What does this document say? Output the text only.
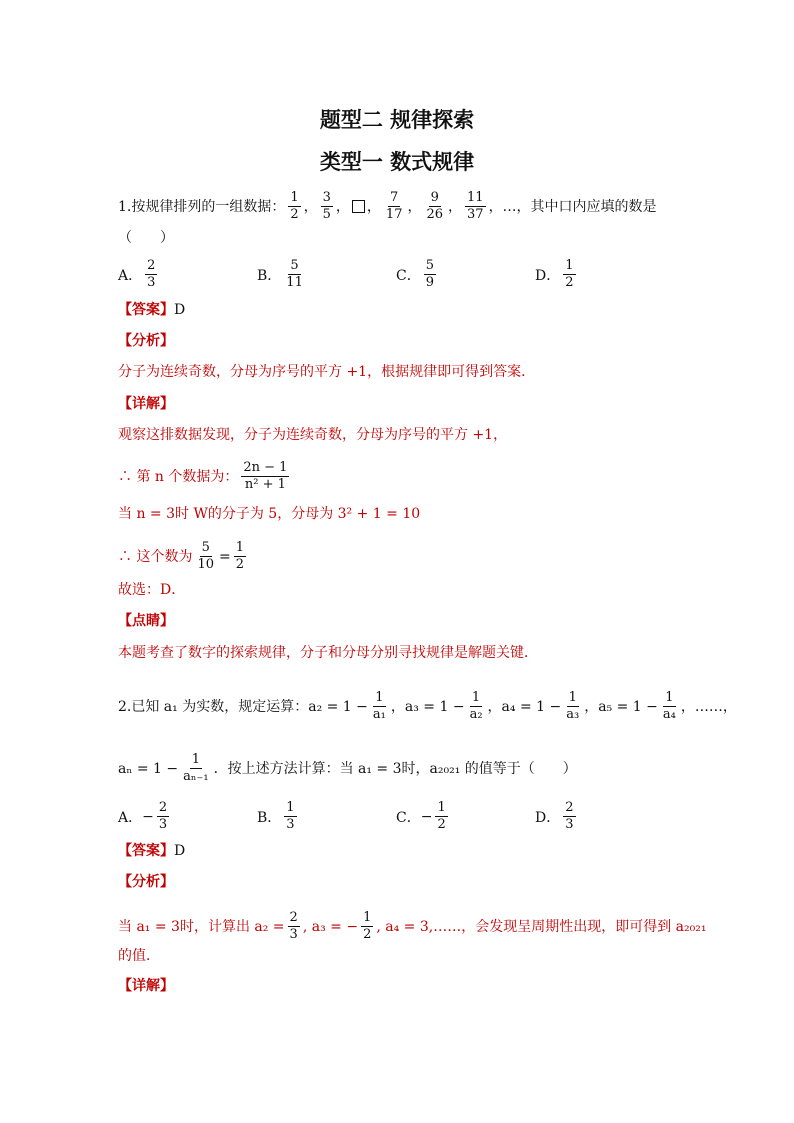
题型二 规律探索
类型一 数式规律
1.按规律排列的一组数据： $\frac{1}{2}$ ， $\frac{3}{5}$ ， ， $\frac{7}{17}$ ， $\frac{9}{26}$ ， $\frac{11}{37}$ ，…，其中口内应填的数是
（　　）
A． $\frac{2}{3}$	B． $\frac{5}{11}$	C． $\frac{5}{9}$	D． $\frac{1}{2}$
【答案】 D
【分析】
分子为连续奇数，分母为序号的平方 +1，根据规律即可得到答案．
【详解】
观察这排数据发现，分子为连续奇数，分母为序号的平方 +1，
∴ 第 n 个数据为： $\frac{2n - 1}{\text{n² + 1}}$
当 n = 3时 W的分子为 5，分母为 3² + 1 = 10
∴ 这个数为 $\frac{5}{10} = \frac{1}{2}$
故选：D．
【点睛】
本题考查了数字的探索规律，分子和分母分别寻找规律是解题关键．
2.已知 a₁ 为实数，规定运算： $a_2 = 1 - \frac{1}{\text{a₁}}$ ， $a_3 = 1 - \frac{1}{\text{a₂}}$ ， $a_4 = 1 - \frac{1}{\text{a₃}}$ ， $a_5 = 1 - \frac{1}{\text{a₄}}$ ，……，
$a_n = 1 - \frac{1}{\text{aₙ₋₁}}$ ．按上述方法计算：当 a₁ = 3时，a₂₀₂₁ 的值等于（　　）
A． − $\frac{2}{3}$	B． $\frac{1}{3}$	C． − $\frac{1}{2}$	D． $\frac{2}{3}$
【答案】 D
【分析】
当 a₁ = 3时，计算出 $a_2 = \frac{2}{3}$ , a₃ = − $\frac{1}{2}$ , a₄ = 3,……，会发现呈周期性出现，即可得到 a₂₀₂₁
的值．
【详解】
